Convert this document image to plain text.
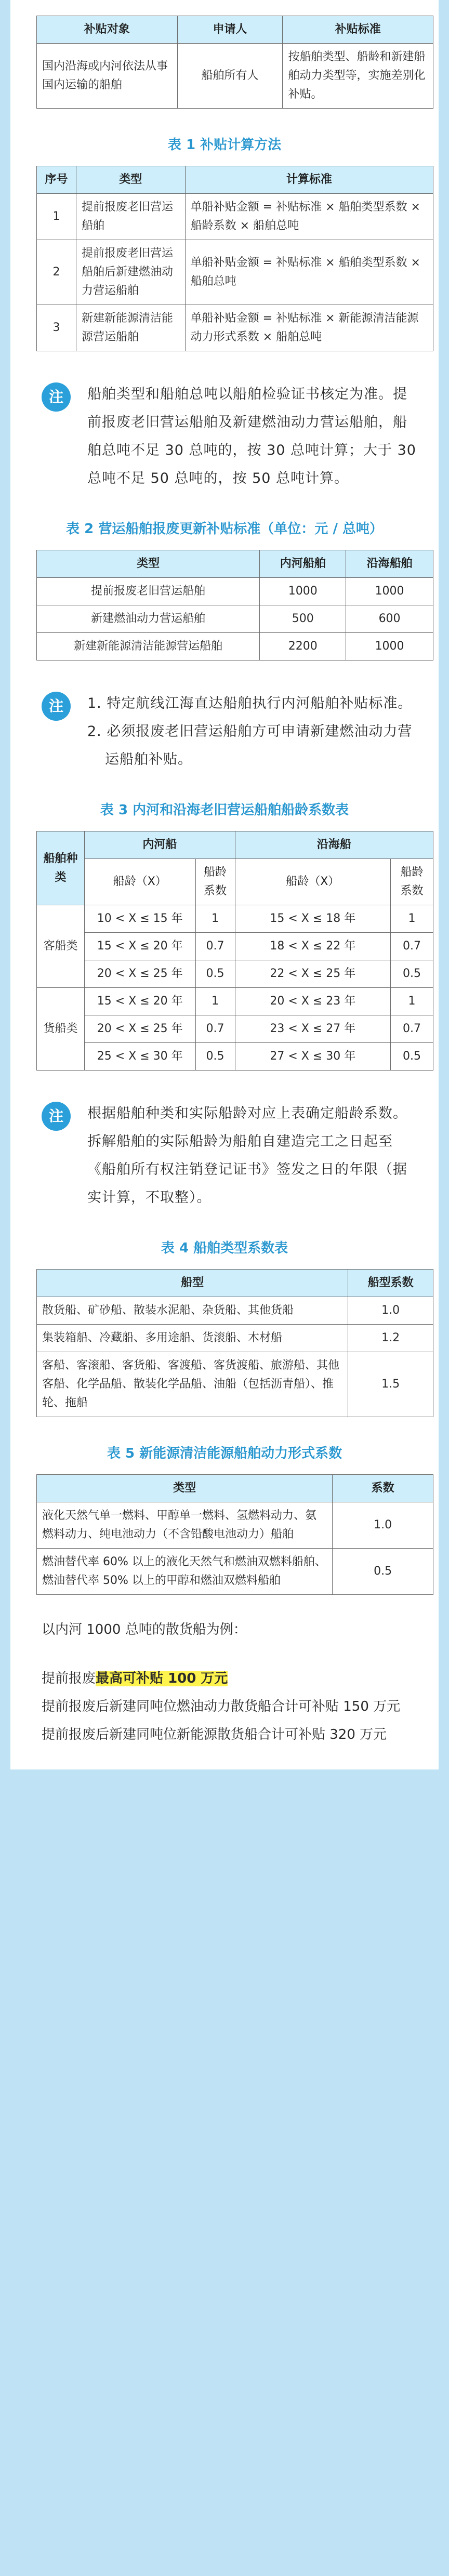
补贴对象	申请人	补贴标准
国内沿海或内河依法从事国内运输的船舶	船舶所有人	按船舶类型、船龄和新建船舶动力类型等，实施差别化补贴。
表 1 补贴计算方法
序号	类型	计算标准
1	提前报废老旧营运船舶	单船补贴金额 = 补贴标准 × 船舶类型系数 × 船龄系数 × 船舶总吨
2	提前报废老旧营运船舶后新建燃油动力营运船舶	单船补贴金额 = 补贴标准 × 船舶类型系数 × 船舶总吨
3	新建新能源清洁能源营运船舶	单船补贴金额 = 补贴标准 × 新能源清洁能源动力形式系数 × 船舶总吨
注	船舶类型和船舶总吨以船舶检验证书核定为准。提前报废老旧营运船舶及新建燃油动力营运船舶，船舶总吨不足 30 总吨的，按 30 总吨计算；大于 30 总吨不足 50 总吨的，按 50 总吨计算。

表 2 营运船舶报废更新补贴标准（单位：元 / 总吨）
类型	内河船舶	沿海船舶
提前报废老旧营运船舶	1000	1000
新建燃油动力营运船舶	500	600
新建新能源清洁能源营运船舶	2200	1000
注	1. 特定航线江海直达船舶执行内河船舶补贴标准。

2. 必须报废老旧营运船舶方可申请新建燃油动力营运船舶补贴。

表 3 内河和沿海老旧营运船舶船龄系数表
船舶种类	内河船		沿海船	
	船龄（X）	船龄系数	船龄（X）	船龄系数
客船类	10 < X ≤ 15 年	1	15 < X ≤ 18 年	1
	15 < X ≤ 20 年	0.7	18 < X ≤ 22 年	0.7
	20 < X ≤ 25 年	0.5	22 < X ≤ 25 年	0.5
货船类	15 < X ≤ 20 年	1	20 < X ≤ 23 年	1
	20 < X ≤ 25 年	0.7	23 < X ≤ 27 年	0.7
	25 < X ≤ 30 年	0.5	27 < X ≤ 30 年	0.5
注	根据船舶种类和实际船龄对应上表确定船龄系数。拆解船舶的实际船龄为船舶自建造完工之日起至《船舶所有权注销登记证书》签发之日的年限（据实计算，不取整）。

表 4 船舶类型系数表
船型	船型系数
散货船、矿砂船、散装水泥船、杂货船、其他货船	1.0
集装箱船、冷藏船、多用途船、货滚船、木材船	1.2
客船、客滚船、客货船、客渡船、客货渡船、旅游船、其他客船、化学品船、散装化学品船、油船（包括沥青船）、推轮、拖船	1.5
表 5 新能源清洁能源船舶动力形式系数
类型	系数
液化天然气单一燃料、甲醇单一燃料、氢燃料动力、氨燃料动力、纯电池动力（不含铅酸电池动力）船舶	1.0
燃油替代率 60% 以上的液化天然气和燃油双燃料船舶、燃油替代率 50% 以上的甲醇和燃油双燃料船舶	0.5

以内河 1000 总吨的散货船为例：

提前报废最高可补贴 100 万元

提前报废后新建同吨位燃油动力散货船合计可补贴 150 万元

提前报废后新建同吨位新能源散货船合计可补贴 320 万元
